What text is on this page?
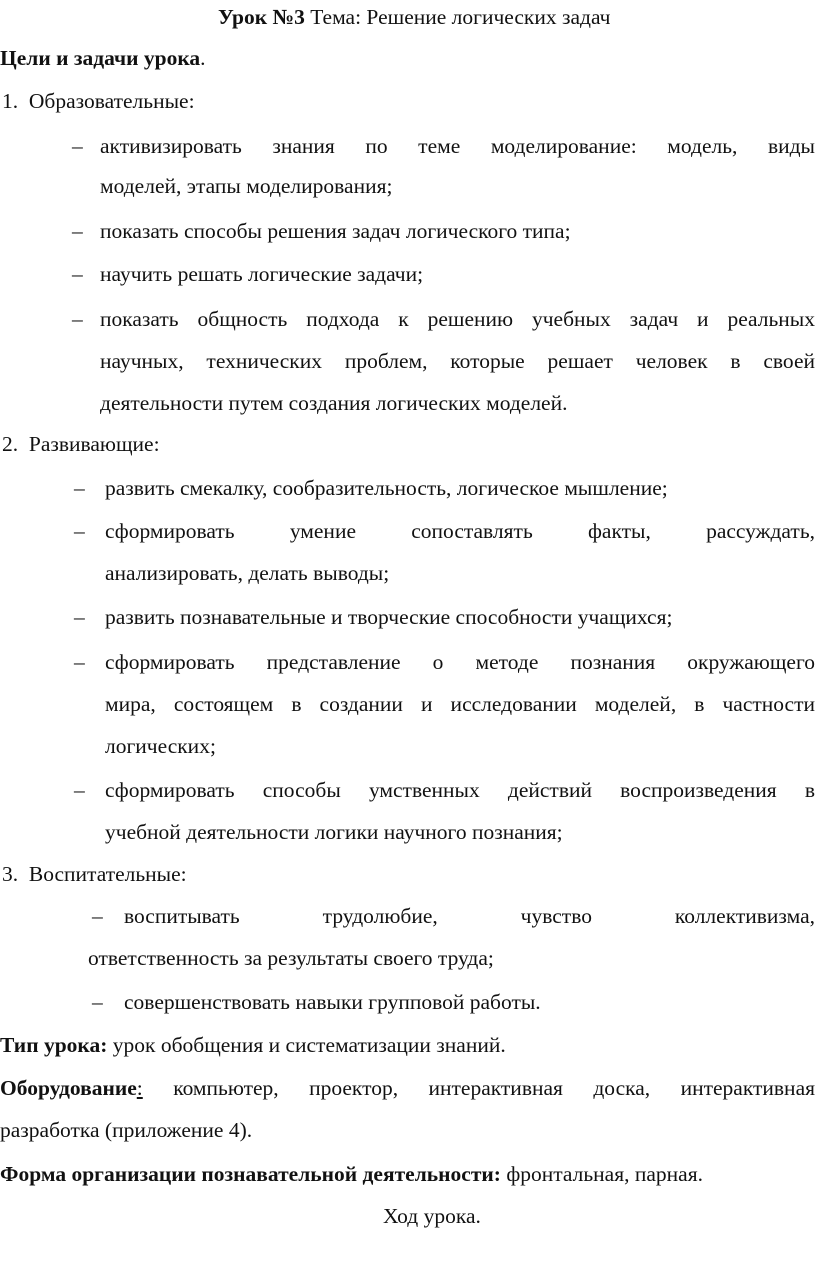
Урок №3 Тема: Решение логических задач
Цели и задачи урока.
1. Образовательные:
– активизировать знания по теме моделирование: модель, виды
моделей, этапы моделирования;
– показать способы решения задач логического типа;
– научить решать логические задачи;
– показать общность подхода к решению учебных задач и реальных
научных, технических проблем, которые решает человек в своей
деятельности путем создания логических моделей.
2. Развивающие:
– развить смекалку, сообразительность, логическое мышление;
– сформировать умение сопоставлять факты, рассуждать,
анализировать, делать выводы;
– развить познавательные и творческие способности учащихся;
– сформировать представление о методе познания окружающего
мира, состоящем в создании и исследовании моделей, в частности
логических;
– сформировать способы умственных действий воспроизведения в
учебной деятельности логики научного познания;
3. Воспитательные:
– воспитывать трудолюбие, чувство коллективизма,
ответственность за результаты своего труда;
– совершенствовать навыки групповой работы.
Тип урока: урок обобщения и систематизации знаний.
Оборудование: компьютер, проектор, интерактивная доска, интерактивная
разработка (приложение 4).
Форма организации познавательной деятельности: фронтальная, парная.
Ход урока.
